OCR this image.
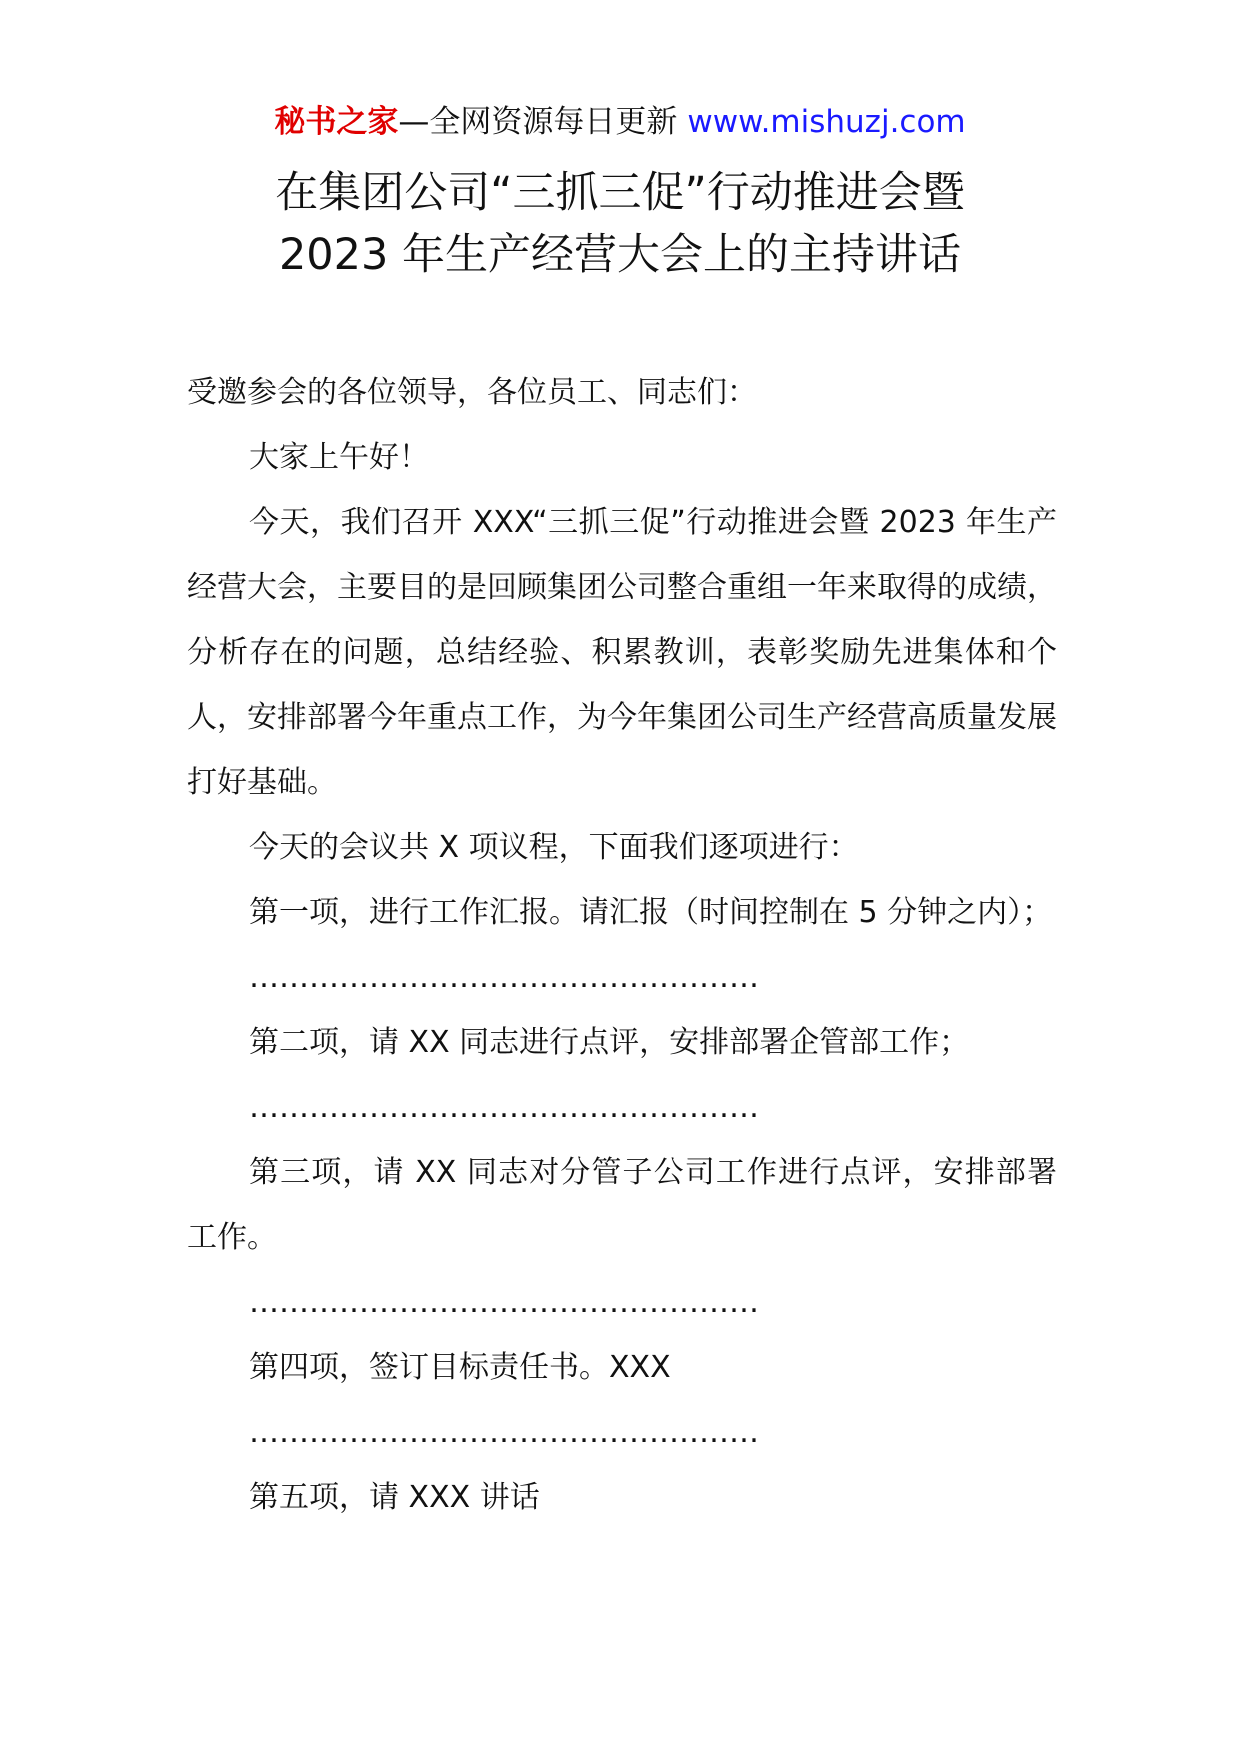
秘书之家—全网资源每日更新 www.mishuzj.com
在集团公司“三抓三促”行动推进会暨
2023 年生产经营大会上的主持讲话

受邀参会的各位领导，各位员工、同志们：

大家上午好！

今天，我们召开 XXX“三抓三促”行动推进会暨 2023 年生产经营大会，主要目的是回顾集团公司整合重组一年来取得的成绩，分析存在的问题，总结经验、积累教训，表彰奖励先进集体和个人，安排部署今年重点工作，为今年集团公司生产经营高质量发展打好基础。

今天的会议共 X 项议程，下面我们逐项进行：

第一项，进行工作汇报。请汇报（时间控制在 5 分钟之内）；

……………………………………………

第二项，请 XX 同志进行点评，安排部署企管部工作；

……………………………………………

第三项，请 XX 同志对分管子公司工作进行点评，安排部署工作。

……………………………………………

第四项，签订目标责任书。XXX

……………………………………………

第五项，请 XXX 讲话
